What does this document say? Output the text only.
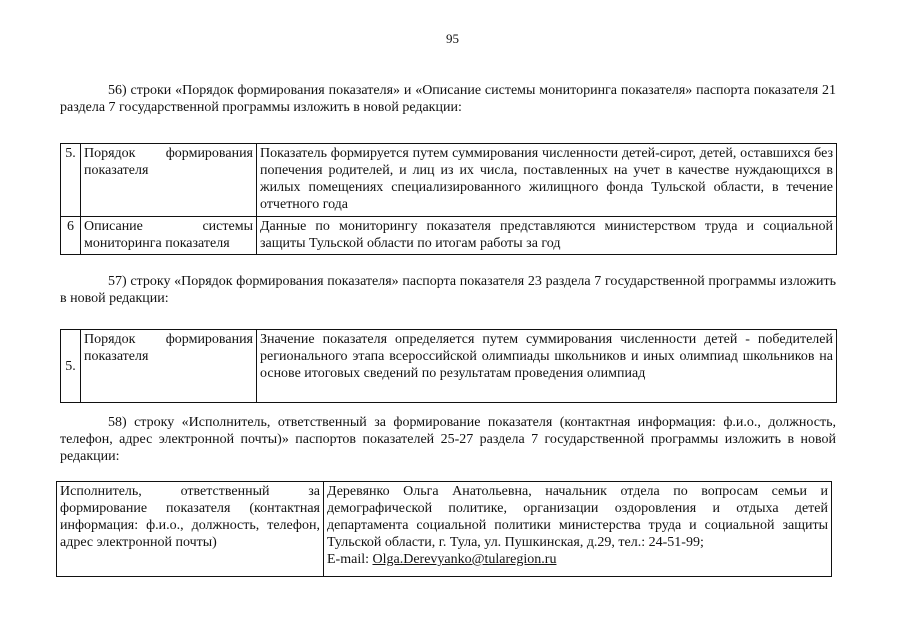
95
56) строки «Порядок формирования показателя» и «Описание системы мониторинга показателя» паспорта показателя 21 раздела 7 государственной программы изложить в новой редакции:
5.	Порядок формирования показателя	Показатель формируется путем суммирования численности детей-сирот, детей, оставшихся без попечения родителей, и лиц из их числа, поставленных на учет в качестве нуждающихся в жилых помещениях специализированного жилищного фонда Тульской области, в течение отчетного года
6	Описание системы мониторинга показателя	Данные по мониторингу показателя представляются министерством труда и социальной защиты Тульской области по итогам работы за год
57) строку «Порядок формирования показателя» паспорта показателя 23 раздела 7 государственной программы изложить в новой редакции:
5.	Порядок формирования показателя	Значение показателя определяется путем суммирования численности детей - победителей регионального этапа всероссийской олимпиады школьников и иных олимпиад школьников на основе итоговых сведений по результатам проведения олимпиад
58) строку «Исполнитель, ответственный за формирование показателя (контактная информация: ф.и.о., должность, телефон, адрес электронной почты)» паспортов показателей 25-27 раздела 7 государственной программы изложить в новой редакции:
Исполнитель, ответственный за формирование показателя (контактная информация: ф.и.о., должность, телефон, адрес электронной почты)	Деревянко Ольга Анатольевна, начальник отдела по вопросам семьи и демографической политике, организации оздоровления и отдыха детей департамента социальной политики министерства труда и социальной защиты Тульской области, г. Тула, ул. Пушкинская, д.29, тел.: 24-51-99;
E-mail: Olga.Derevyanko@tularegion.ru
